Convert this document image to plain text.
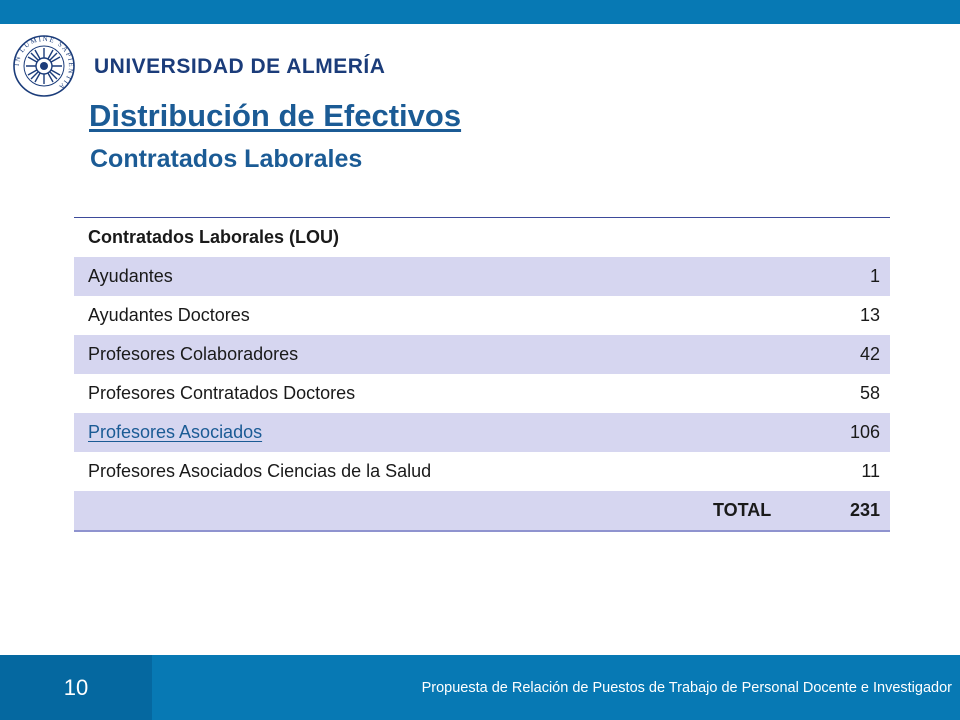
IN LUMINE SAPIENTIA
UNIVERSIDAD DE ALMERÍA
Distribución de Efectivos
Contratados Laborales
Contratados Laborales (LOU)	
Ayudantes	1
Ayudantes Doctores	13
Profesores Colaboradores	42
Profesores Contratados Doctores	58
Profesores Asociados	106
Profesores Asociados Ciencias de la Salud	11
TOTAL	231
10	Propuesta de Relación de Puestos de Trabajo de Personal Docente e Investigador
